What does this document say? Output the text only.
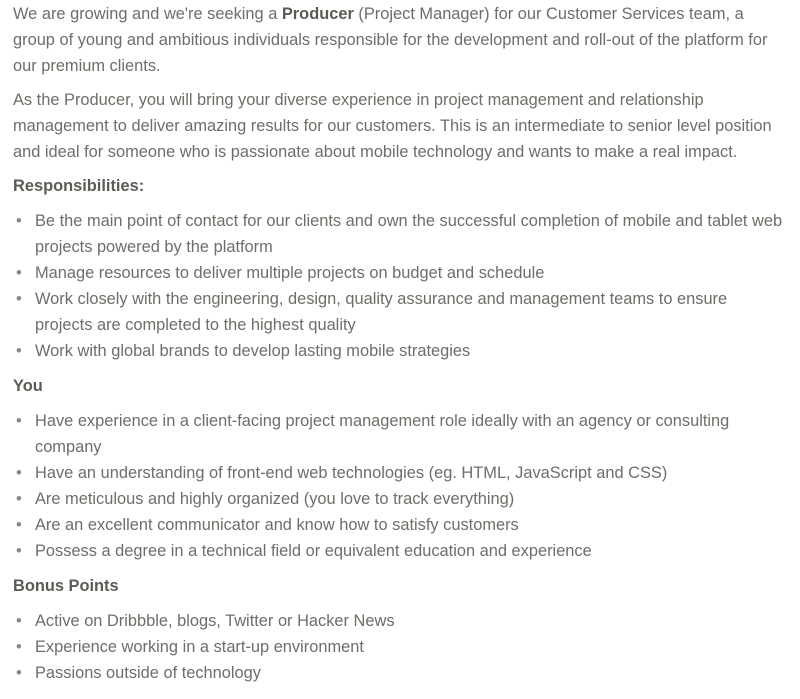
We are growing and we're seeking a Producer (Project Manager) for our Customer Services team, a group of young and ambitious individuals responsible for the development and roll-out of the platform for our premium clients.

As the Producer, you will bring your diverse experience in project management and relationship management to deliver amazing results for our customers. This is an intermediate to senior level position and ideal for someone who is passionate about mobile technology and wants to make a real impact.

Responsibilities:
• Be the main point of contact for our clients and own the successful completion of mobile and tablet web projects powered by the platform
• Manage resources to deliver multiple projects on budget and schedule
• Work closely with the engineering, design, quality assurance and management teams to ensure projects are completed to the highest quality
• Work with global brands to develop lasting mobile strategies
You
• Have experience in a client-facing project management role ideally with an agency or consulting company
• Have an understanding of front-end web technologies (eg. HTML, JavaScript and CSS)
• Are meticulous and highly organized (you love to track everything)
• Are an excellent communicator and know how to satisfy customers
• Possess a degree in a technical field or equivalent education and experience
Bonus Points
• Active on Dribbble, blogs, Twitter or Hacker News
• Experience working in a start-up environment
• Passions outside of technology
